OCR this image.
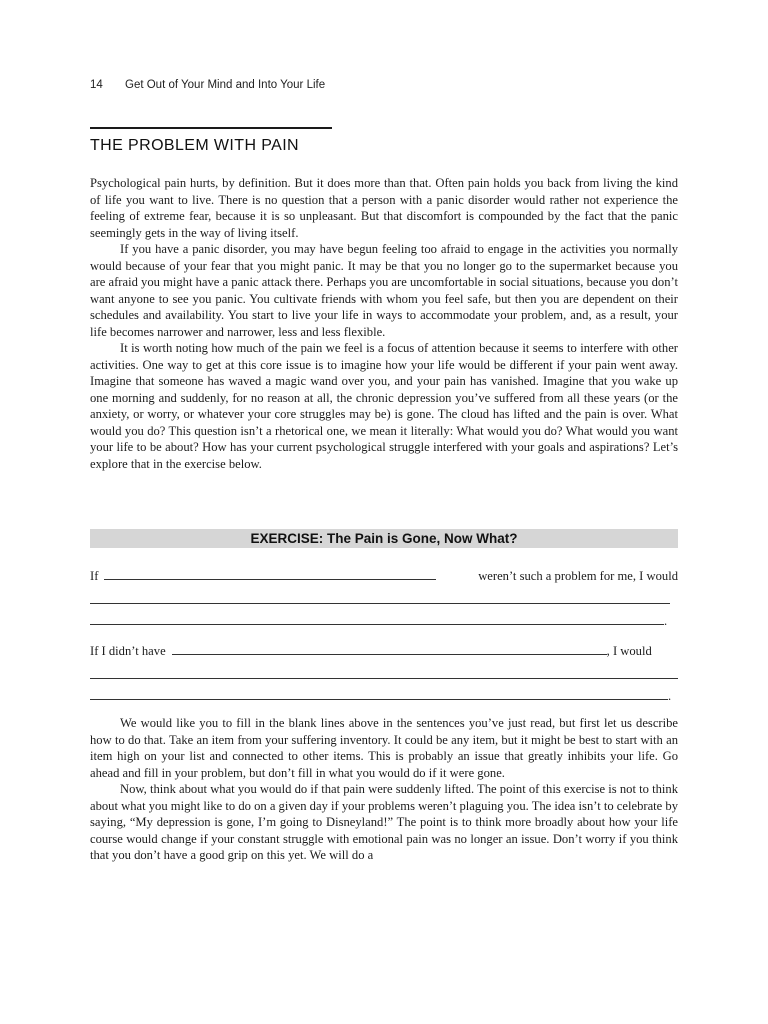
14 Get Out of Your Mind and Into Your Life
THE PROBLEM WITH PAIN

Psychological pain hurts, by definition. But it does more than that. Often pain holds you back from living the kind of life you want to live. There is no question that a person with a panic disorder would rather not experience the feeling of extreme fear, because it is so unpleasant. But that discomfort is compounded by the fact that the panic seemingly gets in the way of living itself.

If you have a panic disorder, you may have begun feeling too afraid to engage in the activities you normally would because of your fear that you might panic. It may be that you no longer go to the supermarket because you are afraid you might have a panic attack there. Perhaps you are uncomfortable in social situations, because you don’t want anyone to see you panic. You cultivate friends with whom you feel safe, but then you are dependent on their schedules and availability. You start to live your life in ways to accommodate your problem, and, as a result, your life becomes narrower and narrower, less and less flexible.

It is worth noting how much of the pain we feel is a focus of attention because it seems to interfere with other activities. One way to get at this core issue is to imagine how your life would be different if your pain went away. Imagine that someone has waved a magic wand over you, and your pain has vanished. Imagine that you wake up one morning and suddenly, for no reason at all, the chronic depression you’ve suffered from all these years (or the anxiety, or worry, or whatever your core struggles may be) is gone. The cloud has lifted and the pain is over. What would you do? This question isn’t a rhetorical one, we mean it literally: What would you do? What would you want your life to be about? How has your current psychological struggle interfered with your goals and aspirations? Let’s explore that in the exercise below.

EXERCISE: The Pain is Gone, Now What?
If	weren’t such a problem for me, I would
.
If I didn’t have	, I would
.

We would like you to fill in the blank lines above in the sentences you’ve just read, but first let us describe how to do that. Take an item from your suffering inventory. It could be any item, but it might be best to start with an item high on your list and connected to other items. This is probably an issue that greatly inhibits your life. Go ahead and fill in your problem, but don’t fill in what you would do if it were gone.

Now, think about what you would do if that pain were suddenly lifted. The point of this exercise is not to think about what you might like to do on a given day if your problems weren’t plaguing you. The idea isn’t to celebrate by saying, “My depression is gone, I’m going to Disneyland!” The point is to think more broadly about how your life course would change if your constant struggle with emotional pain was no longer an issue. Don’t worry if you think that you don’t have a good grip on this yet. We will do a
